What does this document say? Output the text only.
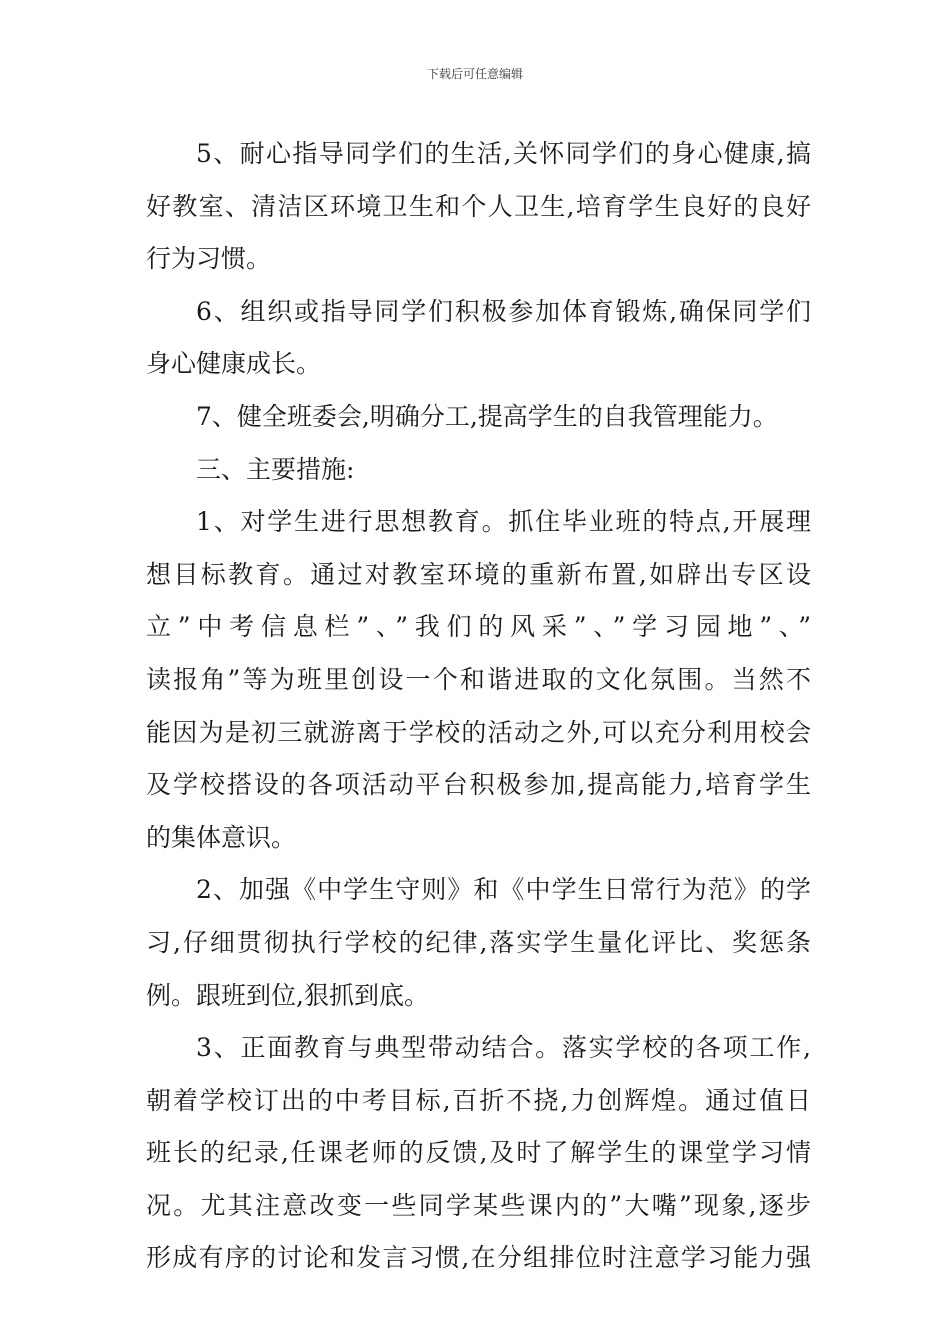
下载后可任意编辑
5、耐心指导同学们的生活,关怀同学们的身心健康,搞
好教室、清洁区环境卫生和个人卫生,培育学生良好的良好
行为习惯。
6、组织或指导同学们积极参加体育锻炼,确保同学们
身心健康成长。
7、健全班委会,明确分工,提高学生的自我管理能力。
三、主要措施:
1、对学生进行思想教育。抓住毕业班的特点,开展理
想目标教育。通过对教室环境的重新布置,如辟出专区设
立”中考信息栏”、”我们的风采”、”学习园地”、”
读报角”等为班里创设一个和谐进取的文化氛围。当然不
能因为是初三就游离于学校的活动之外,可以充分利用校会
及学校搭设的各项活动平台积极参加,提高能力,培育学生
的集体意识。
2、加强《中学生守则》和《中学生日常行为范》的学
习,仔细贯彻执行学校的纪律,落实学生量化评比、奖惩条
例。跟班到位,狠抓到底。
3、正面教育与典型带动结合。落实学校的各项工作,
朝着学校订出的中考目标,百折不挠,力创辉煌。通过值日
班长的纪录,任课老师的反馈,及时了解学生的课堂学习情
况。尤其注意改变一些同学某些课内的”大嘴”现象,逐步
形成有序的讨论和发言习惯,在分组排位时注意学习能力强
